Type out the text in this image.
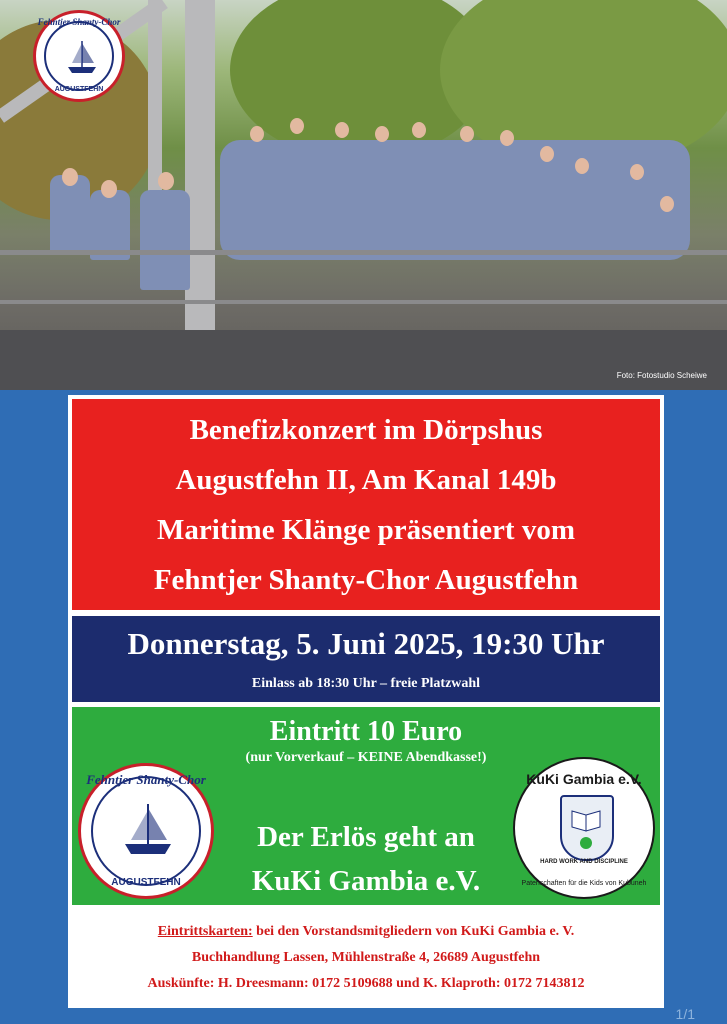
Fehntjer Shanty-Chor
AUGUSTFEHN
Foto: Fotostudio Scheiwe
Benefizkonzert im Dörpshus
Augustfehn II, Am Kanal 149b
Maritime Klänge präsentiert vom
Fehntjer Shanty-Chor Augustfehn
Donnerstag, 5. Juni 2025, 19:30 Uhr
Einlass ab 18:30 Uhr – freie Platzwahl
Eintritt 10 Euro
(nur Vorverkauf – KEINE Abendkasse!)
Der Erlös geht an
KuKi Gambia e.V.
Fehntjer Shanty-Chor
AUGUSTFEHN
KuKi Gambia e.V.
HARD WORK AND DISCIPLINE
Patenschaften für die Kids von Kubuneh
Eintrittskarten: bei den Vorstandsmitgliedern von KuKi Gambia e. V.
Buchhandlung Lassen, Mühlenstraße 4, 26689 Augustfehn
Auskünfte: H. Dreesmann: 0172 5109688 und K. Klaproth: 0172 7143812
1/1
